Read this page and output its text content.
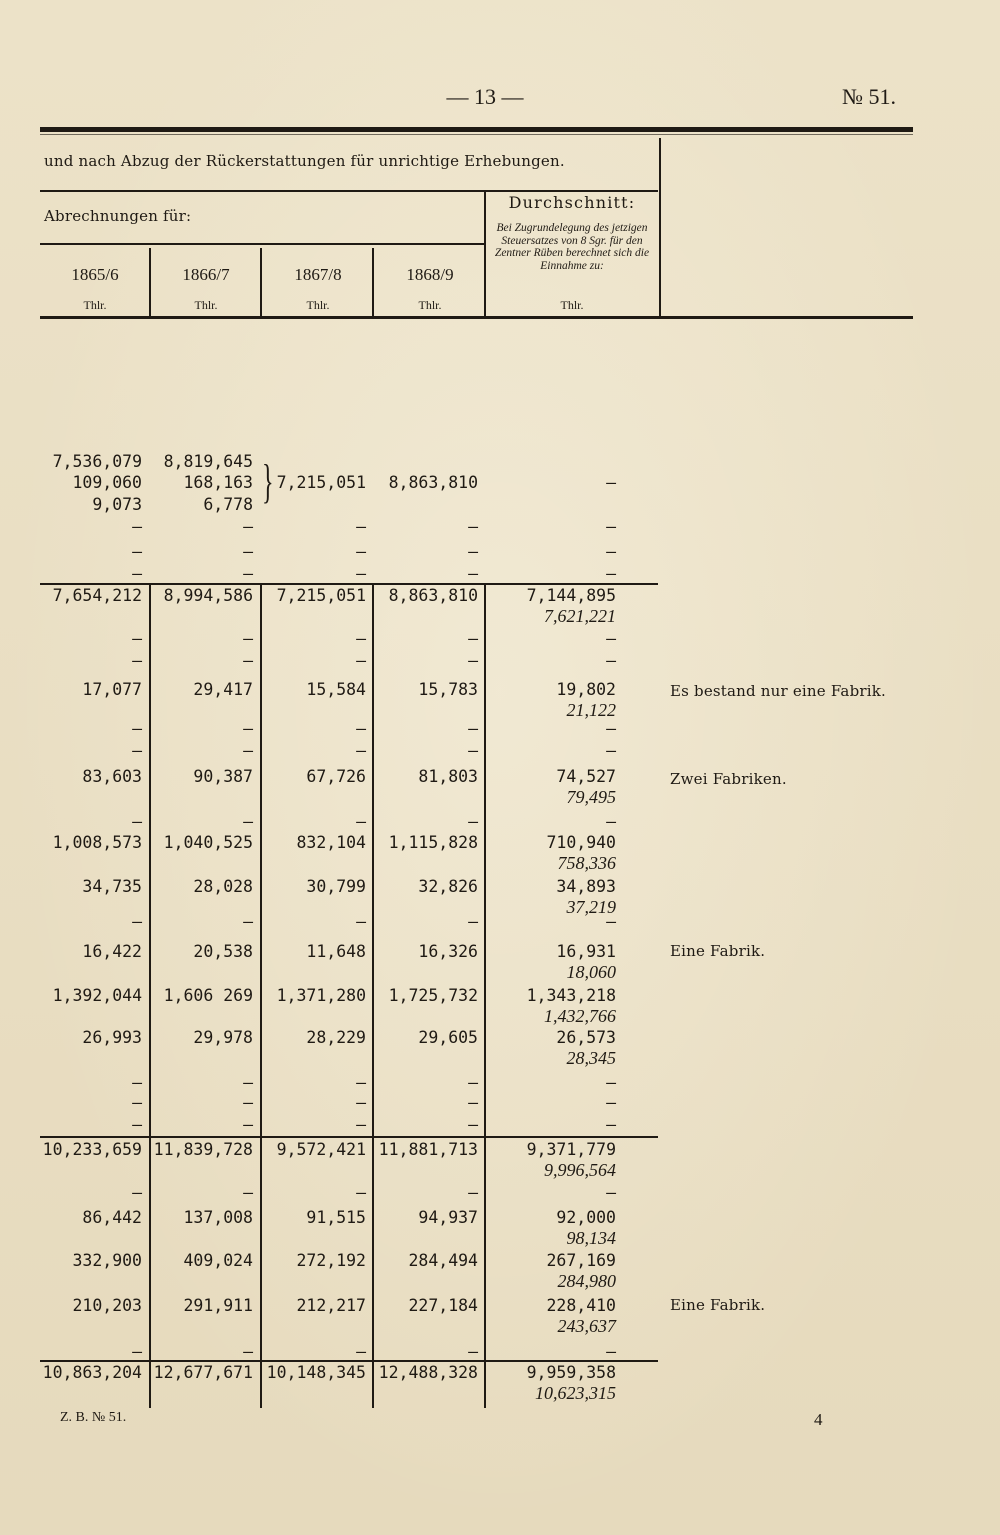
— 13 —	№ 51.
und nach Abzug der Rückerstattungen für unrichtige Erhebungen.
Abrechnungen für:
Durchschnitt:
Bei Zugrundelegung des jetzigen Steuersatzes von 8 Sgr. für den Zentner Rüben berechnet sich die Einnahme zu:
1865/6	1866/7	1867/8	1868/9
Thlr.	Thlr.	Thlr.	Thlr.	Thlr.
}
7,536,079	8,819,645
109,060	168,163	7,215,051	8,863,810	—
9,073	6,778
—	—	—	—	—
—	—	—	—	—
—	—	—	—	—
7,654,212	8,994,586	7,215,051	8,863,810	7,144,895
7,621,221
—	—	—	—	—
—	—	—	—	—
17,077	29,417	15,584	15,783	19,802
21,122
—	—	—	—	—
—	—	—	—	—
83,603	90,387	67,726	81,803	74,527
79,495
—	—	—	—	—
1,008,573	1,040,525	832,104	1,115,828	710,940
758,336
34,735	28,028	30,799	32,826	34,893
37,219
—	—	—	—	—
16,422	20,538	11,648	16,326	16,931
18,060
1,392,044	1,606 269	1,371,280	1,725,732	1,343,218
1,432,766
26,993	29,978	28,229	29,605	26,573
28,345
—	—	—	—	—
—	—	—	—	—
—	—	—	—	—
10,233,659 11,839,728	9,572,421 11,881,713	9,371,779
9,996,564
—	—	—	—	—
86,442	137,008	91,515	94,937	92,000
98,134
332,900	409,024	272,192	284,494	267,169
284,980
210,203	291,911	212,217	227,184	228,410
243,637
—	—	—	—	—
10,863,204 12,677,671 10,148,345 12,488,328	9,959,358
10,623,315
Es bestand nur eine Fabrik.
Zwei Fabriken.
Eine Fabrik.
Eine Fabrik.
Z. B. № 51.	4
